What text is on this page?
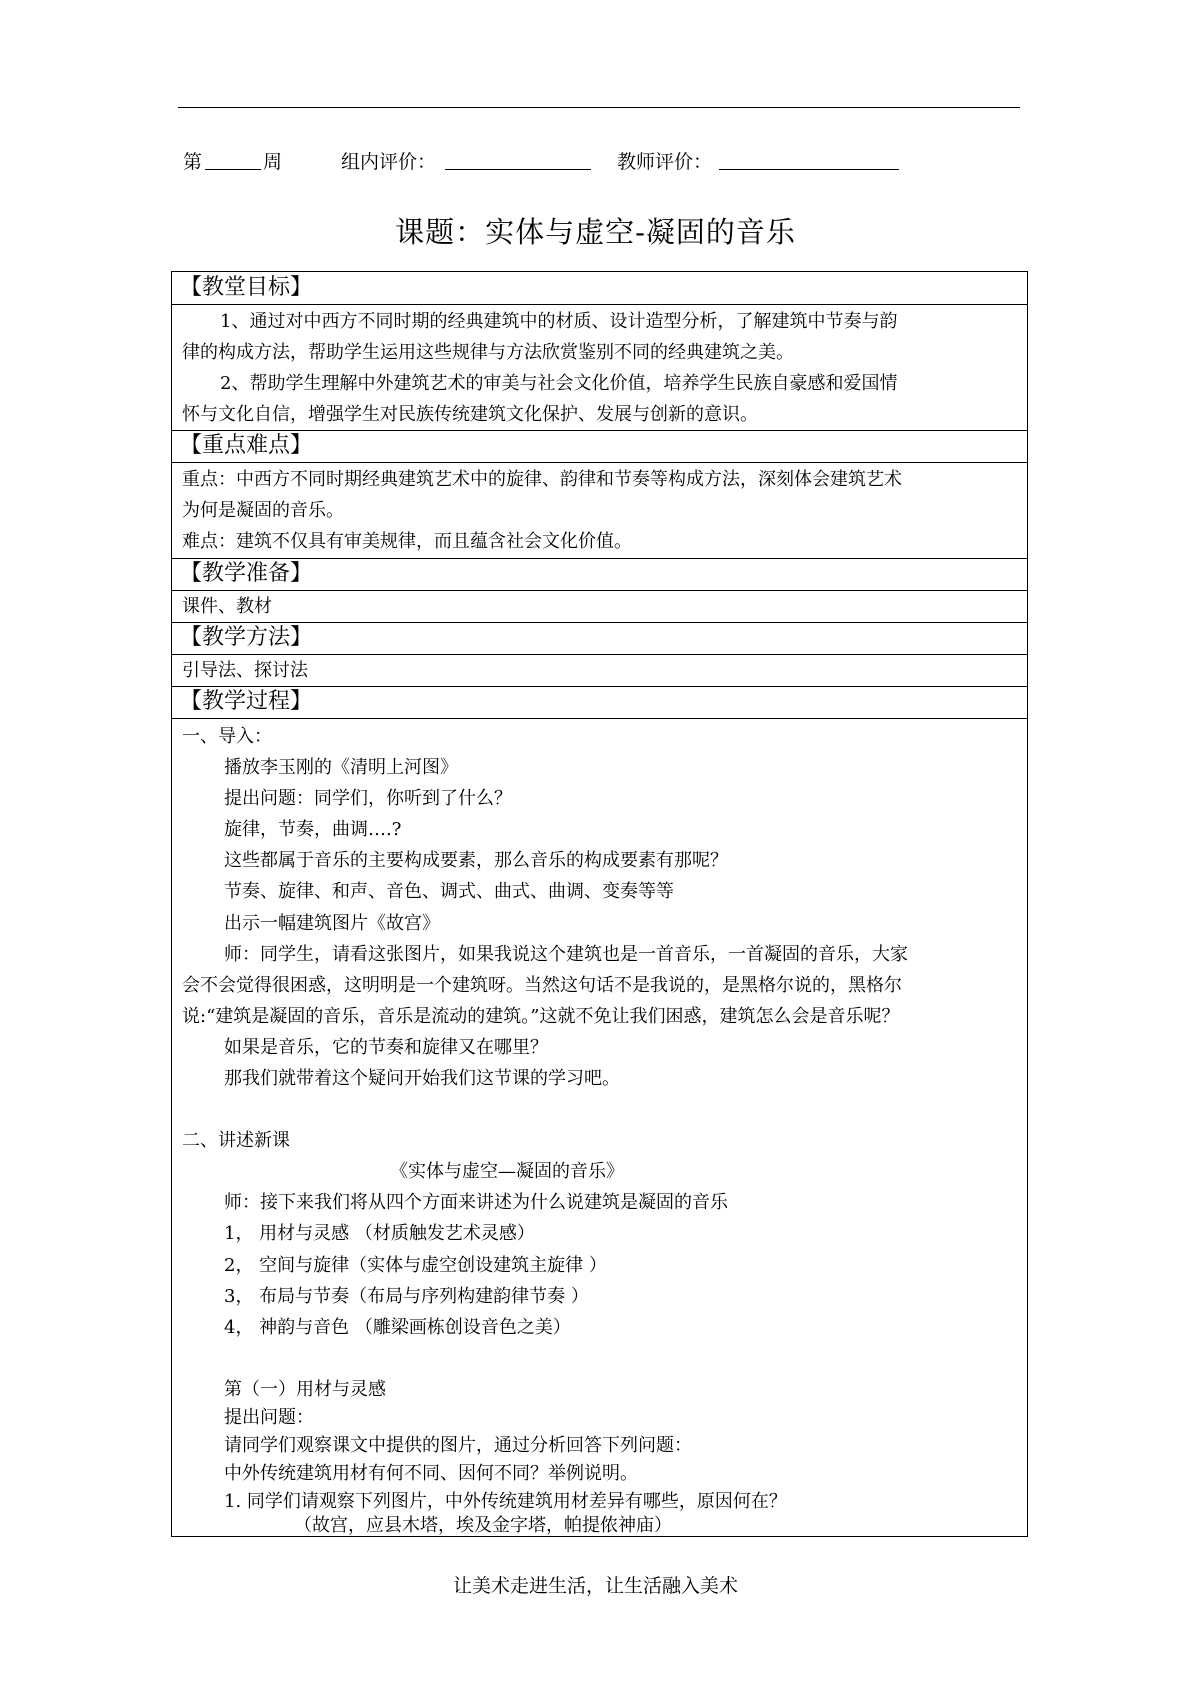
第	周	组内评价：	教师评价：
课题：实体与虚空-凝固的音乐
【教堂目标】
1、通过对中西方不同时期的经典建筑中的材质、设计造型分析，了解建筑中节奏与韵
律的构成方法，帮助学生运用这些规律与方法欣赏鉴别不同的经典建筑之美。
2、帮助学生理解中外建筑艺术的审美与社会文化价值，培养学生民族自豪感和爱国情
怀与文化自信，增强学生对民族传统建筑文化保护、发展与创新的意识。
【重点难点】
重点：中西方不同时期经典建筑艺术中的旋律、韵律和节奏等构成方法，深刻体会建筑艺术
为何是凝固的音乐。
难点：建筑不仅具有审美规律，而且蕴含社会文化价值。
【教学准备】
课件、教材
【教学方法】
引导法、探讨法
【教学过程】
一、导入：
播放李玉刚的《清明上河图》
提出问题：同学们，你听到了什么？
旋律，节奏，曲调….?
这些都属于音乐的主要构成要素，那么音乐的构成要素有那呢？
节奏、旋律、和声、音色、调式、曲式、曲调、变奏等等
出示一幅建筑图片《故宫》
师：同学生，请看这张图片，如果我说这个建筑也是一首音乐，一首凝固的音乐，大家
会不会觉得很困惑，这明明是一个建筑呀。当然这句话不是我说的，是黑格尔说的，黑格尔
说:“建筑是凝固的音乐，音乐是流动的建筑。”这就不免让我们困惑，建筑怎么会是音乐呢？
如果是音乐，它的节奏和旋律又在哪里？
那我们就带着这个疑问开始我们这节课的学习吧。
二、讲述新课
《实体与虚空—凝固的音乐》
师：接下来我们将从四个方面来讲述为什么说建筑是凝固的音乐
1， 用材与灵感 （材质触发艺术灵感）
2， 空间与旋律（实体与虚空创设建筑主旋律 ）
3， 布局与节奏（布局与序列构建韵律节奏 ）
4， 神韵与音色 （雕梁画栋创设音色之美）
第（一）用材与灵感
提出问题：
请同学们观察课文中提供的图片，通过分析回答下列问题：
中外传统建筑用材有何不同、因何不同？举例说明。
1. 同学们请观察下列图片，中外传统建筑用材差异有哪些，原因何在？
（故宫，应县木塔，埃及金字塔，帕提侬神庙）
让美术走进生活，让生活融入美术
